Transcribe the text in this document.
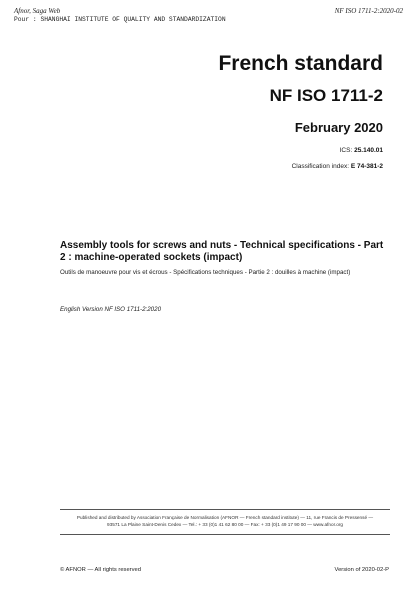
Afnor, Saga Web	NF ISO 1711-2:2020-02
Pour : SHANGHAI INSTITUTE OF QUALITY AND STANDARDIZATION
French standard
NF ISO 1711-2
February 2020
ICS: 25.140.01
Classification index: E 74-381-2
Assembly tools for screws and nuts - Technical specifications - Part 2 : machine-operated sockets (impact)
Outils de manoeuvre pour vis et écrous - Spécifications techniques - Partie 2 : douilles à machine (impact)
English Version NF ISO 1711-2:2020
Published and distributed by Association Française de Normalisation (AFNOR — French standard institute) — 11, rue Francis de Pressensé —
93571 La Plaine Saint-Denis Cedex — Tel.: + 33 (0)1 41 62 80 00 — Fax: + 33 (0)1 49 17 90 00 — www.afnor.org
© AFNOR — All rights reserved	Version of 2020-02-P
